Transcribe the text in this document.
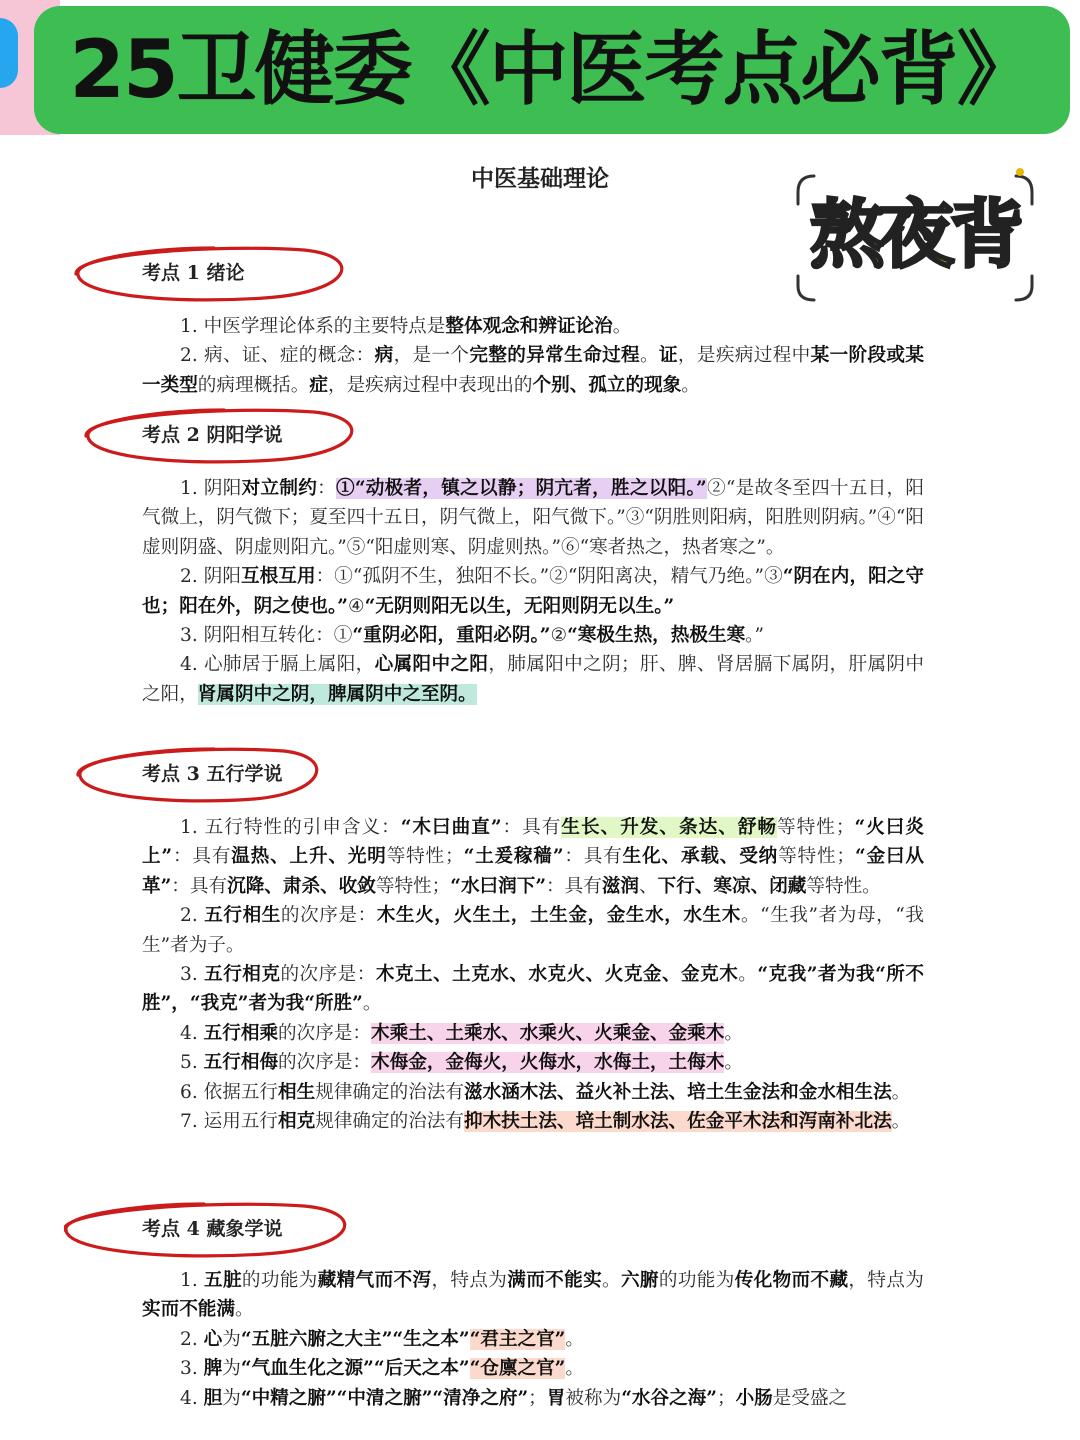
25卫健委《中医考点必背》
中医基础理论
熬夜背
考点 1 绪论

1. 中医学理论体系的主要特点是整体观念和辨证论治。

2. 病、证、症的概念：病，是一个完整的异常生命过程。证，是疾病过程中某一阶段或某一类型的病理概括。症，是疾病过程中表现出的个别、孤立的现象。

考点 2 阴阳学说

1. 阴阳对立制约：①“动极者，镇之以静；阴亢者，胜之以阳。”②“是故冬至四十五日，阳气微上，阴气微下；夏至四十五日，阴气微上，阳气微下。”③“阴胜则阳病，阳胜则阴病。”④“阳虚则阴盛、阴虚则阳亢。”⑤“阳虚则寒、阴虚则热。”⑥“寒者热之，热者寒之”。

2. 阴阳互根互用：①“孤阴不生，独阳不长。”②“阴阳离决，精气乃绝。”③“阴在内，阳之守也；阳在外，阴之使也。”④“无阴则阳无以生，无阳则阴无以生。”

3. 阴阳相互转化：①“重阴必阳，重阳必阴。”②“寒极生热，热极生寒。”

4. 心肺居于膈上属阳，心属阳中之阳，肺属阳中之阴；肝、脾、肾居膈下属阴，肝属阴中之阳，肾属阴中之阴，脾属阴中之至阴。

考点 3 五行学说

1. 五行特性的引申含义：“木曰曲直”：具有生长、升发、条达、舒畅等特性；“火曰炎上”：具有温热、上升、光明等特性；“土爰稼穑”：具有生化、承载、受纳等特性；“金曰从革”：具有沉降、肃杀、收敛等特性；“水曰润下”：具有滋润、下行、寒凉、闭藏等特性。

2. 五行相生的次序是：木生火，火生土，土生金，金生水，水生木。“生我”者为母，“我生”者为子。

3. 五行相克的次序是：木克土、土克水、水克火、火克金、金克木。“克我”者为我“所不胜”，“我克”者为我“所胜”。

4. 五行相乘的次序是：木乘土、土乘水、水乘火、火乘金、金乘木。

5. 五行相侮的次序是：木侮金，金侮火，火侮水，水侮土，土侮木。

6. 依据五行相生规律确定的治法有滋水涵木法、益火补土法、培土生金法和金水相生法。

7. 运用五行相克规律确定的治法有抑木扶土法、培土制水法、佐金平木法和泻南补北法。

考点 4 藏象学说

1. 五脏的功能为藏精气而不泻，特点为满而不能实。六腑的功能为传化物而不藏，特点为实而不能满。

2. 心为“五脏六腑之大主”“生之本”“君主之官”。

3. 脾为“气血生化之源”“后天之本”“仓廪之官”。

4. 胆为“中精之腑”“中清之腑”“清净之府”；胃被称为“水谷之海”；小肠是受盛之
